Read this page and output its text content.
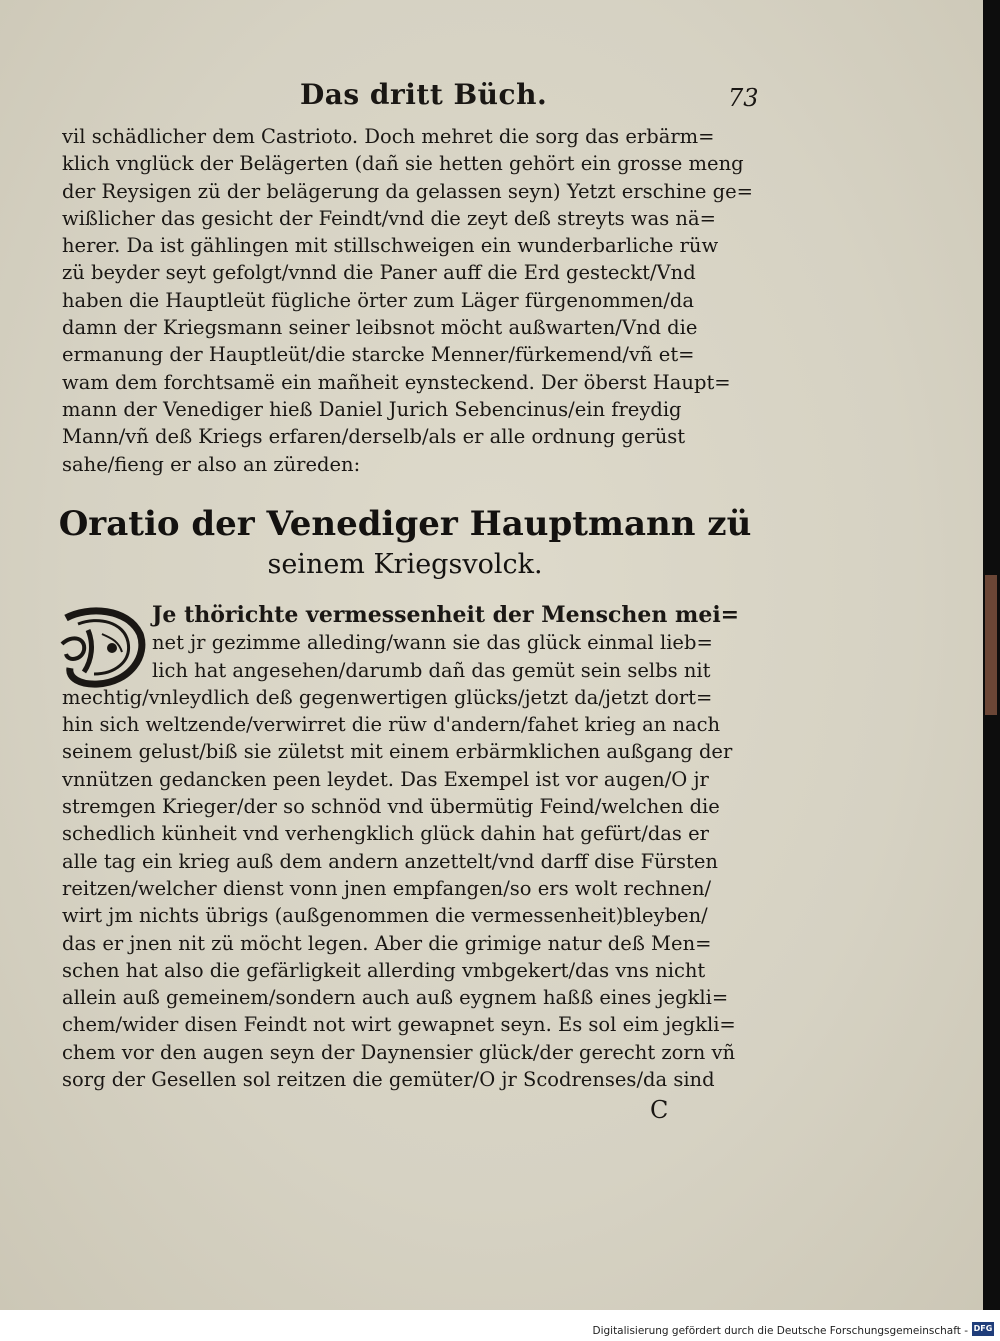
Das dritt Büch.	73
vil schädlicher dem Castrioto. Doch mehret die sorg das erbärm=
klich vnglück der Belägerten (dañ sie hetten gehört ein grosse meng
der Reysigen zü der belägerung da gelassen seyn) Yetzt erschine ge=
wißlicher das gesicht der Feindt/vnd die zeyt deß streyts was nä=
herer. Da ist gählingen mit stillschweigen ein wunderbarliche rüw
zü beyder seyt gefolgt/vnnd die Paner auff die Erd gesteckt/Vnd
haben die Hauptleüt fügliche örter zum Läger fürgenommen/da
damn der Kriegsmann seiner leibsnot möcht außwarten/Vnd die
ermanung der Hauptleüt/die starcke Menner/fürkemend/vñ et=
wam dem forchtsamë ein mañheit eynsteckend. Der öberst Haupt=
mann der Venediger hieß Daniel Jurich Sebencinus/ein freydig
Mann/vñ deß Kriegs erfaren/derselb/als er alle ordnung gerüst
sahe/fieng er also an züreden:
Oratio der Venediger Hauptmann zü
seinem Kriegsvolck.
Je thörichte vermessenheit der Menschen mei=
net jr gezimme alleding/wann sie das glück einmal lieb=
lich hat angesehen/darumb dañ das gemüt sein selbs nit
mechtig/vnleydlich deß gegenwertigen glücks/jetzt da/jetzt dort=
hin sich weltzende/verwirret die rüw d'andern/fahet krieg an nach
seinem gelust/biß sie zületst mit einem erbärmklichen außgang der
vnnützen gedancken peen leydet. Das Exempel ist vor augen/O jr
stremgen Krieger/der so schnöd vnd übermütig Feind/welchen die
schedlich künheit vnd verhengklich glück dahin hat gefürt/das er
alle tag ein krieg auß dem andern anzettelt/vnd darff dise Fürsten
reitzen/welcher dienst vonn jnen empfangen/so ers wolt rechnen/
wirt jm nichts übrigs (außgenommen die vermessenheit)bleyben/
das er jnen nit zü möcht legen. Aber die grimige natur deß Men=
schen hat also die gefärligkeit allerding vmbgekert/das vns nicht
allein auß gemeinem/sondern auch auß eygnem haßß eines jegkli=
chem/wider disen Feindt not wirt gewapnet seyn. Es sol eim jegkli=
chem vor den augen seyn der Daynensier glück/der gerecht zorn vñ
sorg der Gesellen sol reitzen die gemüter/O jr Scodrenses/da sind
C
Digitalisierung gefördert durch die Deutsche Forschungsgemeinschaft - DFG
